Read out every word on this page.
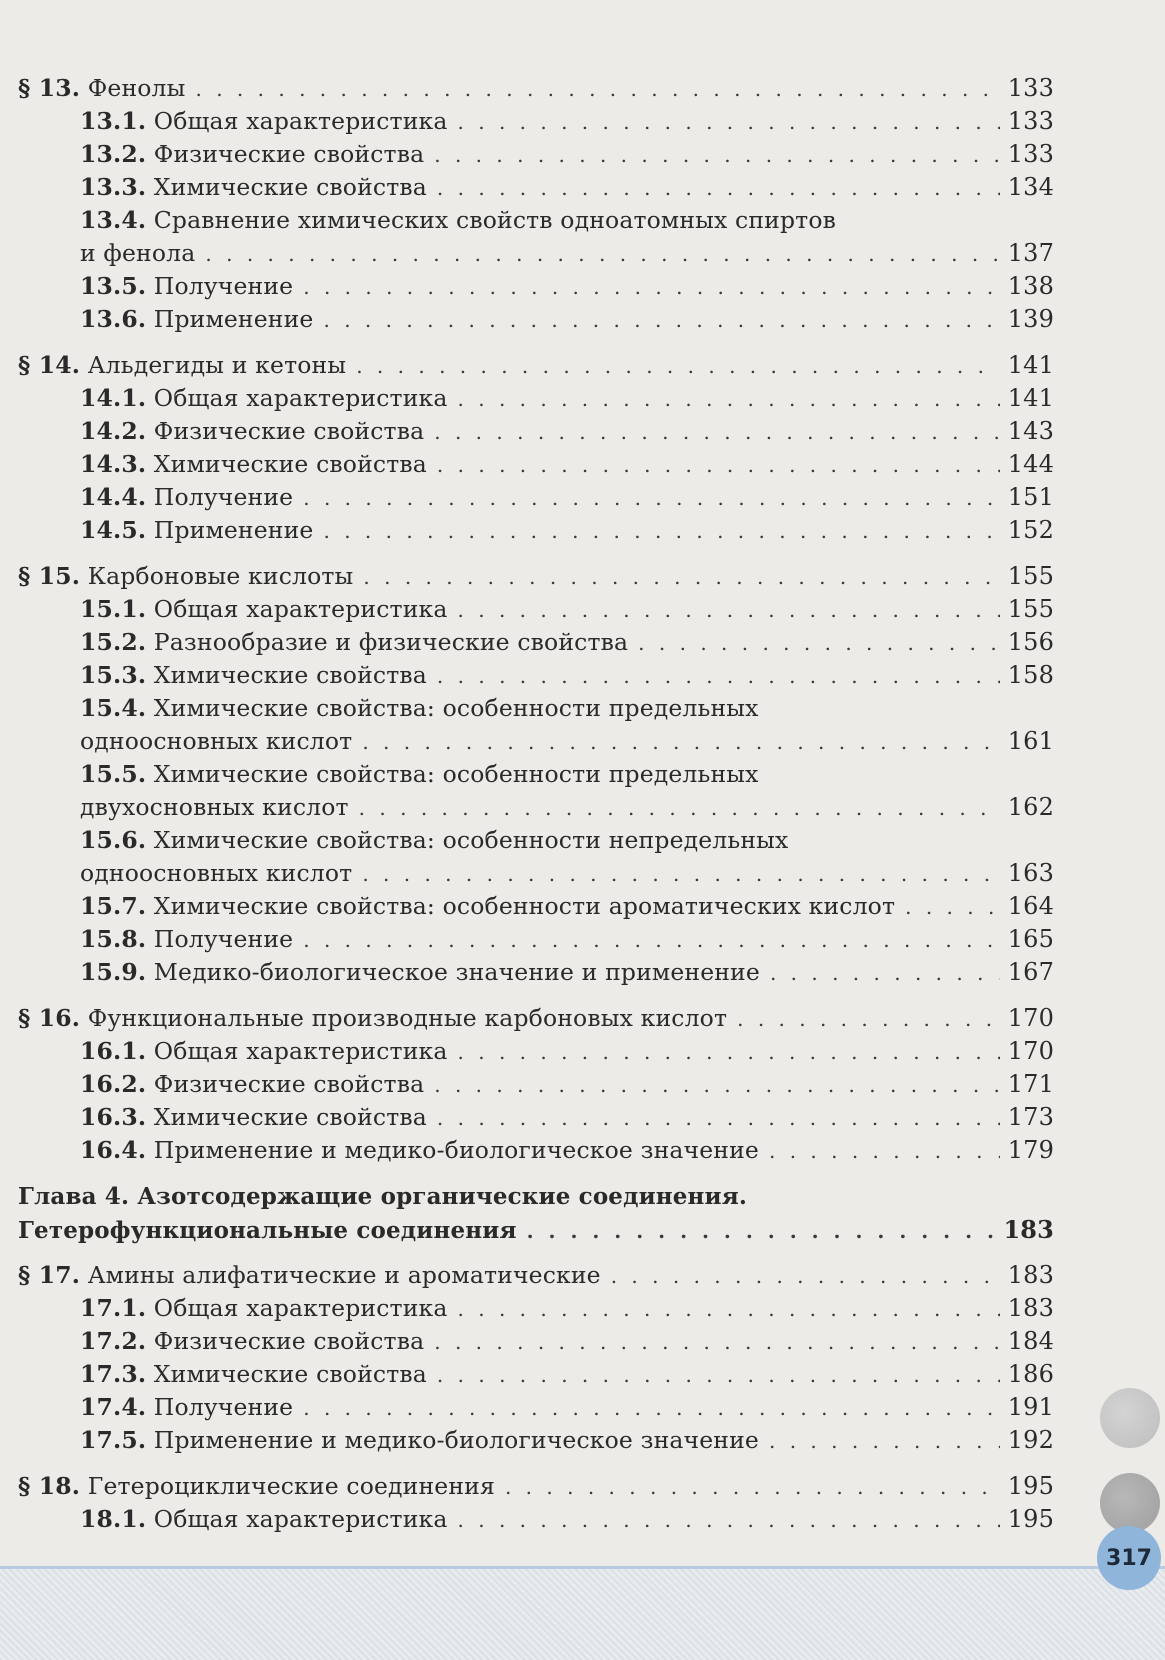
§ 13. Фенолы . . .	133
13.1. Общая характеристика . . .	133
13.2. Физические свойства . . .	133
13.3. Химические свойства . . .	134
13.4. Сравнение химических свойств одноатомных спиртов
и фенола . . .	137
13.5. Получение . . .	138
13.6. Применение . . .	139
§ 14. Альдегиды и кетоны . . .	141
14.1. Общая характеристика . . .	141
14.2. Физические свойства . . .	143
14.3. Химические свойства . . .	144
14.4. Получение . . .	151
14.5. Применение . . .	152
§ 15. Карбоновые кислоты . . .	155
15.1. Общая характеристика . . .	155
15.2. Разнообразие и физические свойства . . .	156
15.3. Химические свойства . . .	158
15.4. Химические свойства: особенности предельных
одноосновных кислот . . .	161
15.5. Химические свойства: особенности предельных
двухосновных кислот . . .	162
15.6. Химические свойства: особенности непредельных
одноосновных кислот . . .	163
15.7. Химические свойства: особенности ароматических кислот . . .	164
15.8. Получение . . .	165
15.9. Медико-биологическое значение и применение . . .	167
§ 16. Функциональные производные карбоновых кислот . . .	170
16.1. Общая характеристика . . .	170
16.2. Физические свойства . . .	171
16.3. Химические свойства . . .	173
16.4. Применение и медико-биологическое значение . . .	179
Глава 4. Азотсодержащие органические соединения.
Гетерофункциональные соединения . . .	183
§ 17. Амины алифатические и ароматические . . .	183
17.1. Общая характеристика . . .	183
17.2. Физические свойства . . .	184
17.3. Химические свойства . . .	186
17.4. Получение . . .	191
17.5. Применение и медико-биологическое значение . . .	192
§ 18. Гетероциклические соединения . . .	195
18.1. Общая характеристика . . .	195
317
